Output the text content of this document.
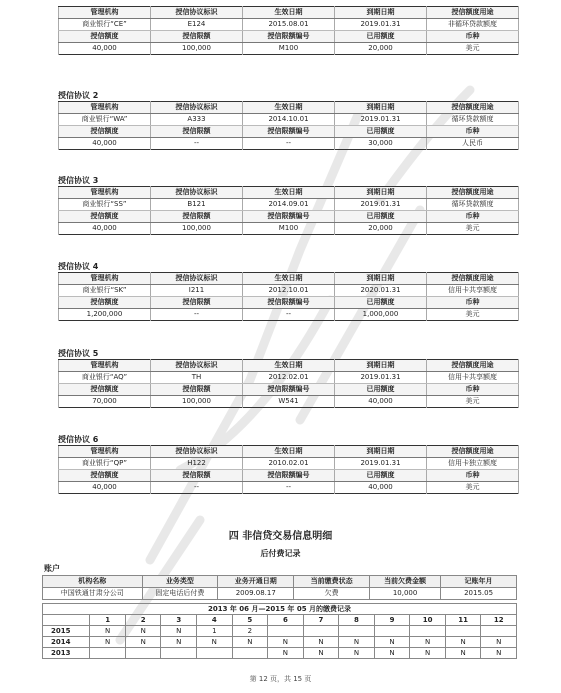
管理机构	授信协议标识	生效日期	到期日期	授信额度用途
商业银行“CE”	E124	2015.08.01	2019.01.31	非循环贷款额度
授信额度	授信限额	授信限额编号	已用额度	币种
40,000	100,000	M100	20,000	美元
授信协议 2
管理机构	授信协议标识	生效日期	到期日期	授信额度用途
商业银行“WA”	A333	2014.10.01	2019.01.31	循环贷款额度
授信额度	授信限额	授信限额编号	已用额度	币种
40,000	--	--	30,000	人民币
授信协议 3
管理机构	授信协议标识	生效日期	到期日期	授信额度用途
商业银行“SS”	B121	2014.09.01	2019.01.31	循环贷款额度
授信额度	授信限额	授信限额编号	已用额度	币种
40,000	100,000	M100	20,000	美元
授信协议 4
管理机构	授信协议标识	生效日期	到期日期	授信额度用途
商业银行“SK”	I211	2012.10.01	2020.01.31	信用卡共享额度
授信额度	授信限额	授信限额编号	已用额度	币种
1,200,000	--	--	1,000,000	美元
授信协议 5
管理机构	授信协议标识	生效日期	到期日期	授信额度用途
商业银行“AQ”	TH	2012.02.01	2019.01.31	信用卡共享额度
授信额度	授信限额	授信限额编号	已用额度	币种
70,000	100,000	W541	40,000	美元
授信协议 6
管理机构	授信协议标识	生效日期	到期日期	授信额度用途
商业银行“QP”	H122	2010.02.01	2019.01.31	信用卡独立额度
授信额度	授信限额	授信限额编号	已用额度	币种
40,000	--	--	40,000	美元
四 非信贷交易信息明细
后付费记录
账户
机构名称	业务类型	业务开通日期	当前缴费状态	当前欠费金额	记账年月
中国铁通甘肃分公司	固定电话后付费	2009.08.17	欠费	10,000	2015.05
2013 年 06 月—2015 年 05 月的缴费记录												
	1	2	3	4	5	6	7	8	9	10	11	12
2015	N	N	N	1	2							
2014	N	N	N	N	N	N	N	N	N	N	N	N
2013						N	N	N	N	N	N	N
第 12 页，共 15 页
